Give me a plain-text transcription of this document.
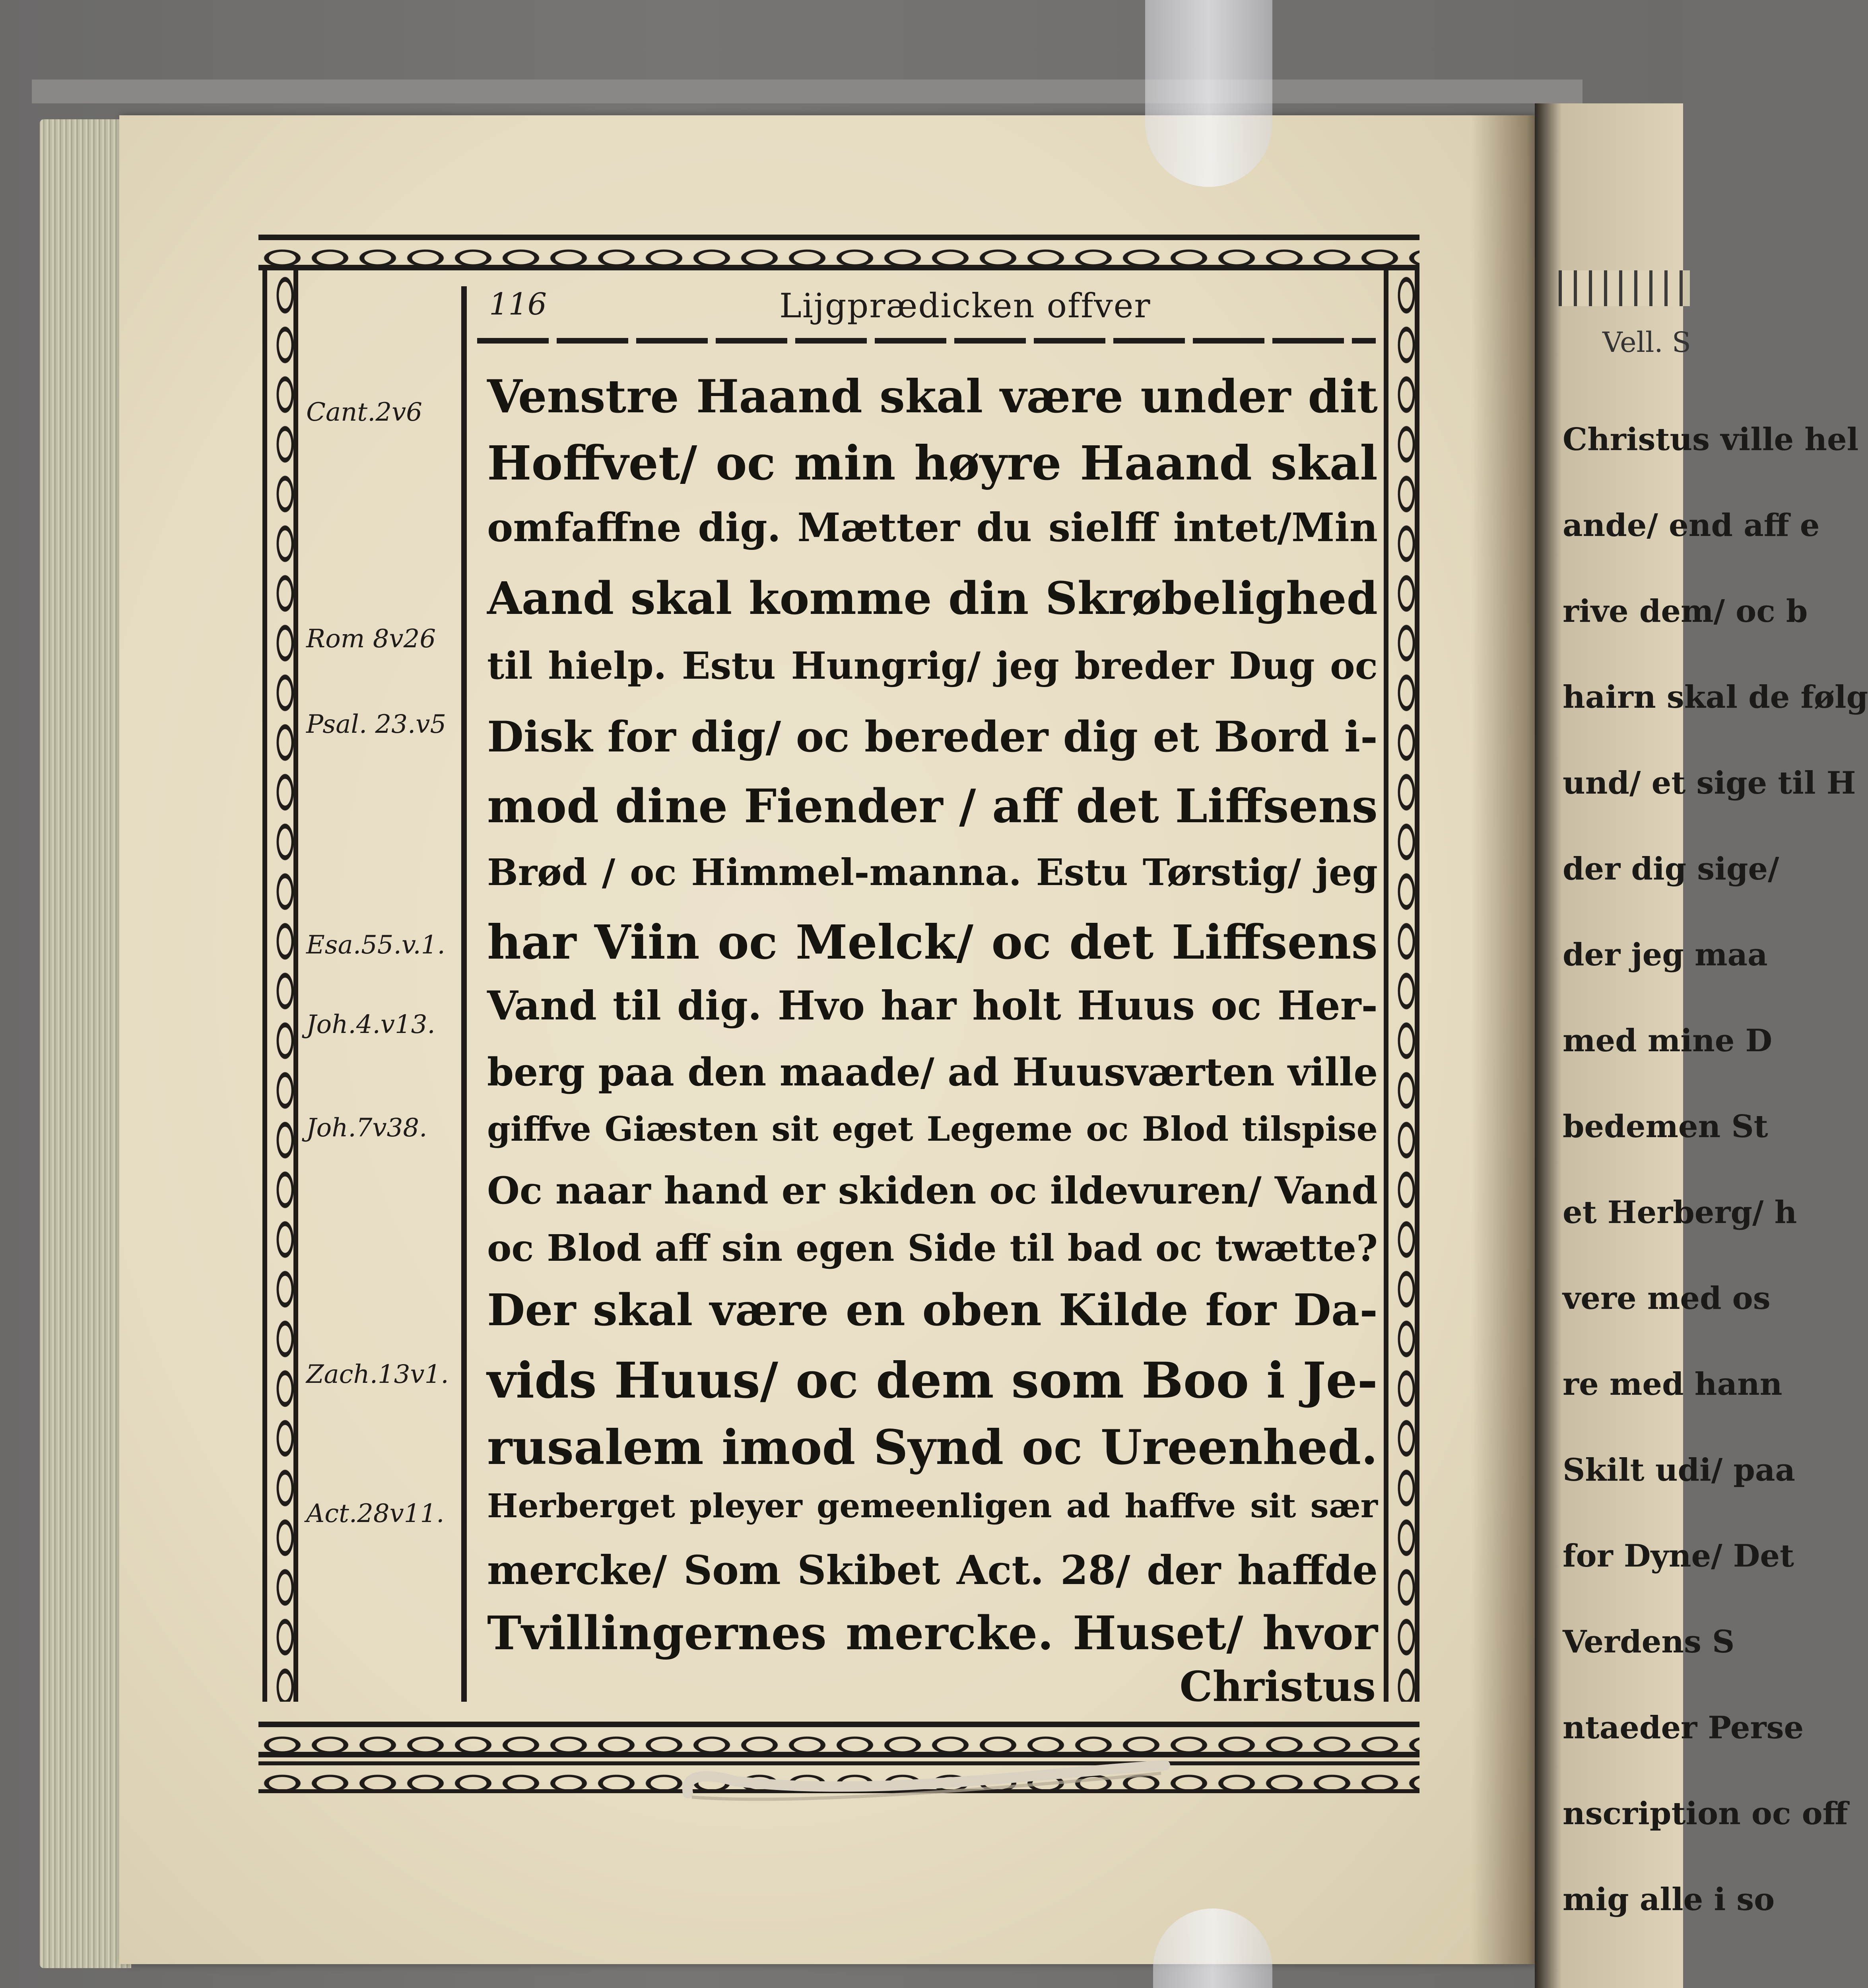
Vell. S
Christus ville hel
ande/ end aff e
rive dem/ oc b
hairn skal de følg
und/ et sige til H
der dig sige/
der jeg maa
med mine D
bedemen St
et Herberg/ h
vere med os
re med hann
Skilt udi/ paa
for Dyne/ Det
Verdens S
ntaeder Perse
nscription oc off
mig alle i so
116	Lijgprædicken offver
Cant.2v6
Rom 8v26
Psal. 23.v5
Esa.55.v.1.
Joh.4.v13.
Joh.7v38.
Zach.13v1.
Act.28v11.
Venstre Haand skal være under dit
Hoffvet/ oc min høyre Haand skal
omfaffne dig. Mætter du sielff intet/Min
Aand skal komme din Skrøbelighed
til hielp. Estu Hungrig/ jeg breder Dug oc
Disk for dig/ oc bereder dig et Bord i-
mod dine Fiender / aff det Liffsens
Brød / oc Himmel-manna. Estu Tørstig/ jeg
har Viin oc Melck/ oc det Liffsens
Vand til dig. Hvo har holt Huus oc Her-
berg paa den maade/ ad Huusværten ville
giffve Giæsten sit eget Legeme oc Blod tilspise
Oc naar hand er skiden oc ildevuren/ Vand
oc Blod aff sin egen Side til bad oc twætte?
Der skal være en oben Kilde for Da-
vids Huus/ oc dem som Boo i Je-
rusalem imod Synd oc Ureenhed.
Herberget pleyer gemeenligen ad haffve sit sær
mercke/ Som Skibet Act. 28/ der haffde
Tvillingernes mercke. Huset/ hvor
Christus
